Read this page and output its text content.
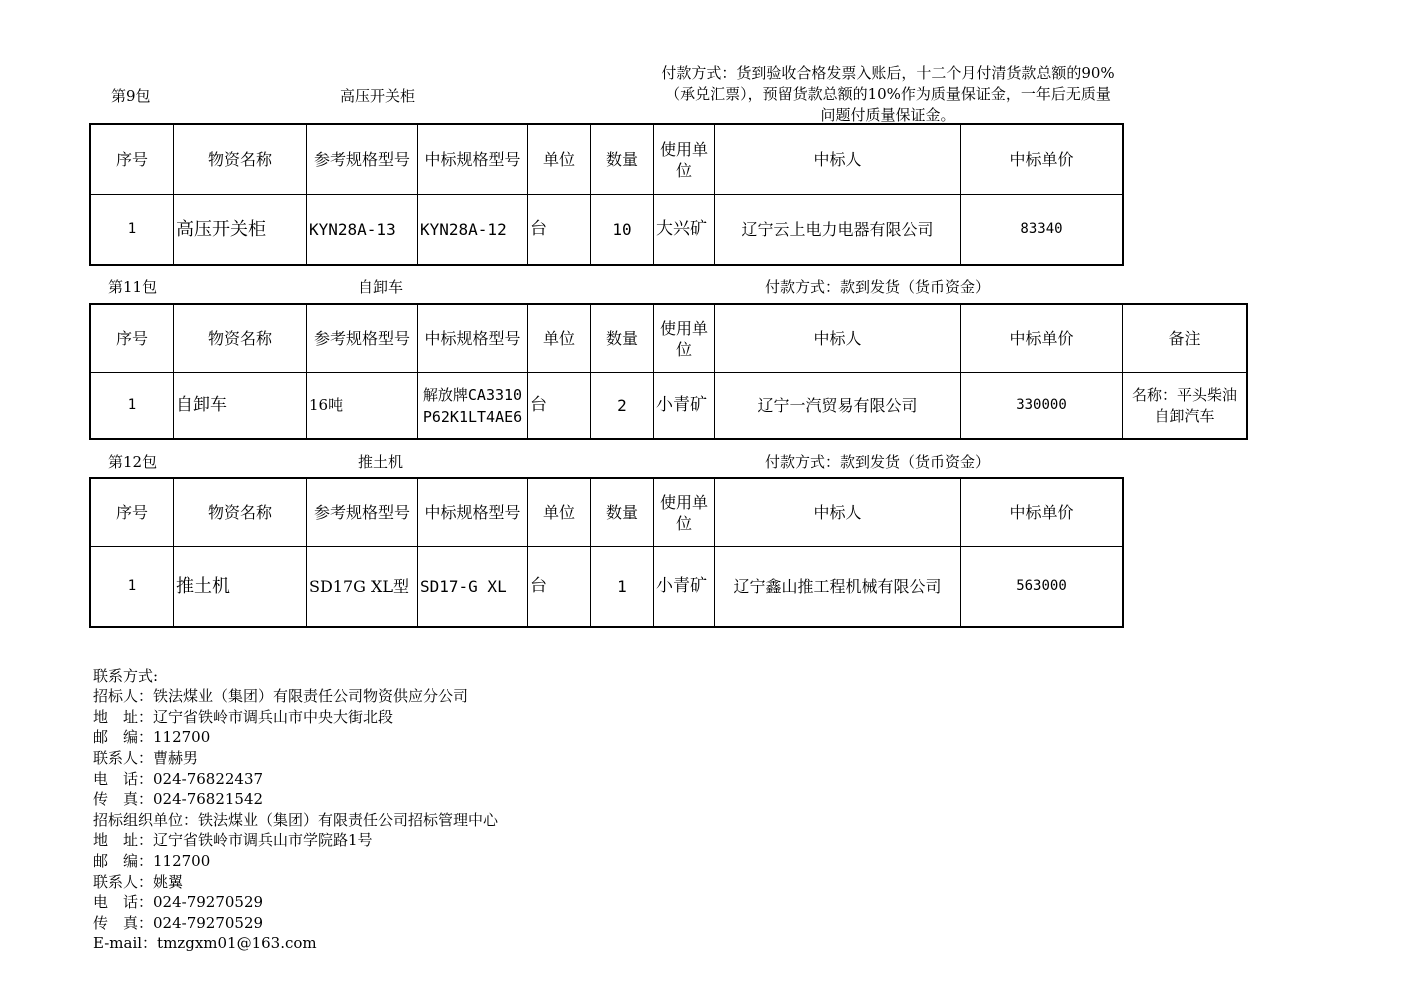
第9包	高压开关柜
付款方式：货到验收合格发票入账后，十二个月付清货款总额的90%（承兑汇票），预留货款总额的10%作为质量保证金，一年后无质量问题付质量保证金。
序号	物资名称	参考规格型号	中标规格型号	单位	数量	使用单位	中标人	中标单价
1	高压开关柜	KYN28A-13	KYN28A-12	台	10	大兴矿	辽宁云上电力电器有限公司	83340
第11包	自卸车	付款方式：款到发货（货币资金）
序号	物资名称	参考规格型号	中标规格型号	单位	数量	使用单位	中标人	中标单价	备注
1	自卸车	16吨	解放牌CA3310P62K1LT4AE6	台	2	小青矿	辽宁一汽贸易有限公司	330000	名称：平头柴油自卸汽车
第12包	推土机	付款方式：款到发货（货币资金）
序号	物资名称	参考规格型号	中标规格型号	单位	数量	使用单位	中标人	中标单价
1	推土机	SD17G XL型	SD17-G XL	台	1	小青矿	辽宁鑫山推工程机械有限公司	563000

联系方式:
招标人：铁法煤业（集团）有限责任公司物资供应分公司
地　址：辽宁省铁岭市调兵山市中央大街北段
邮　编：112700
联系人：曹赫男
电　话：024-76822437
传　真：024-76821542
招标组织单位：铁法煤业（集团）有限责任公司招标管理中心
地　址：辽宁省铁岭市调兵山市学院路1号
邮　编：112700
联系人：姚翼
电　话：024-79270529
传　真：024-79270529
E-mail：tmzgxm01@163.com
